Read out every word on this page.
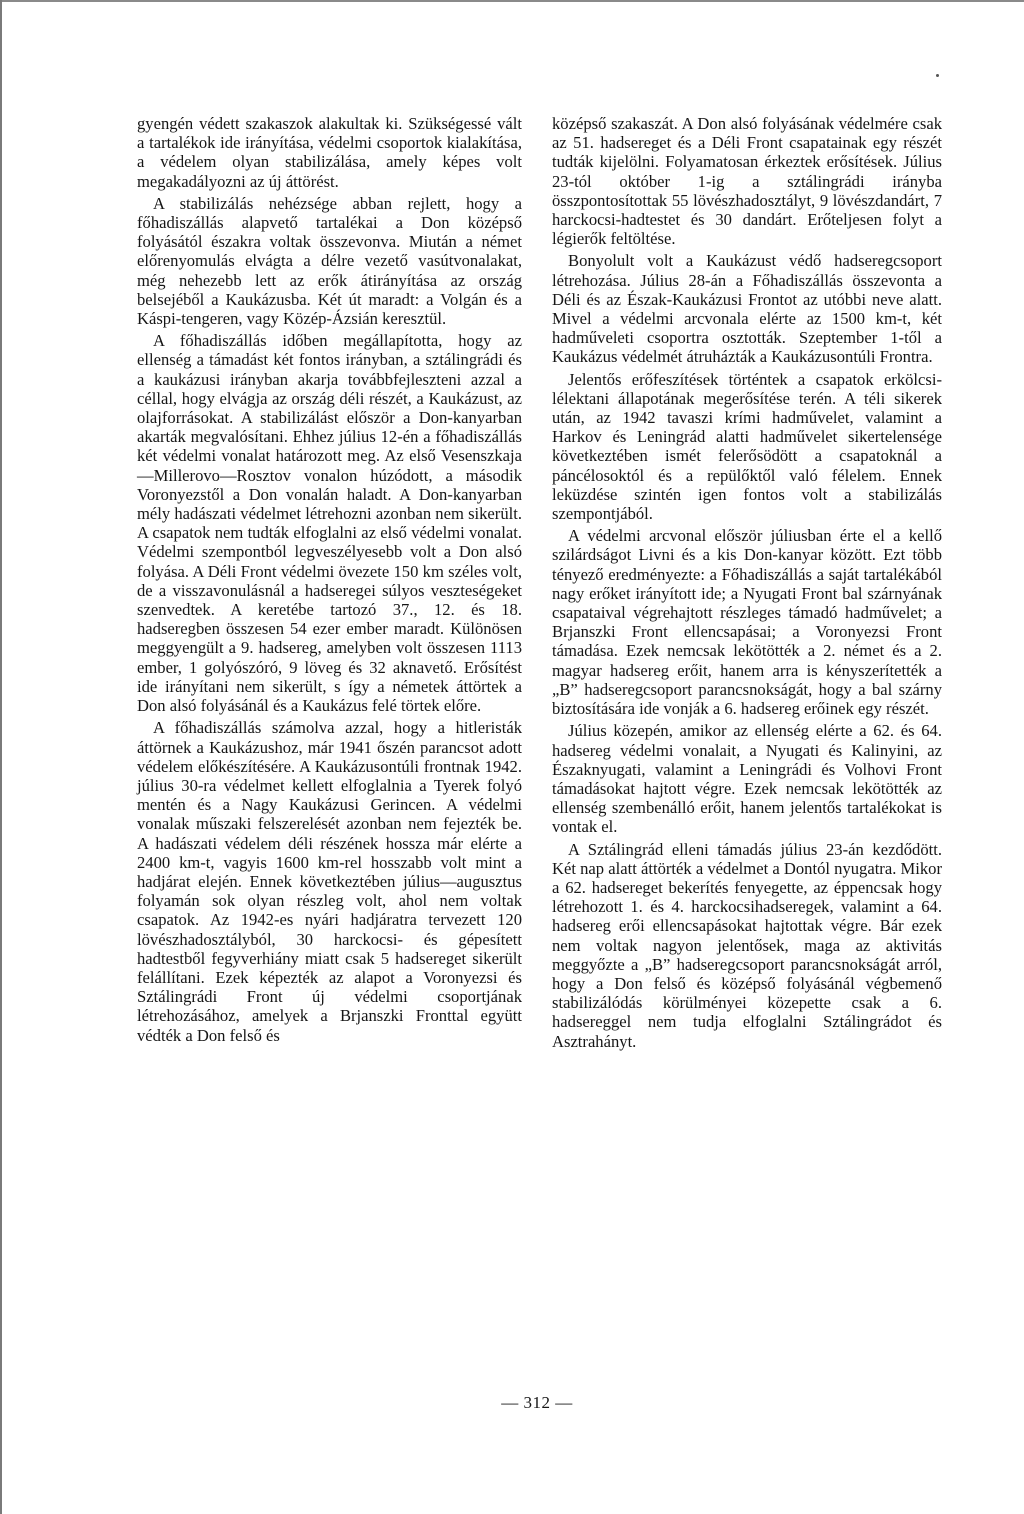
gyengén védett szakaszok alakultak ki. Szükségessé vált a tartalékok ide irányítása, védelmi csoportok kialakítása, a védelem olyan stabilizálása, amely képes volt megakadályozni az új áttörést.

A stabilizálás nehézsége abban rejlett, hogy a főhadiszállás alapvető tartalékai a Don középső folyásától északra voltak összevonva. Miután a német előrenyomulás elvágta a délre vezető vasútvonalakat, még nehezebb lett az erők átirányítása az ország belsejéből a Kaukázusba. Két út maradt: a Volgán és a Káspi-tengeren, vagy Közép-Ázsián keresztül.

A főhadiszállás időben megállapította, hogy az ellenség a támadást két fontos irányban, a sztálingrádi és a kaukázusi irányban akarja továbbfejleszteni azzal a céllal, hogy elvágja az ország déli részét, a Kaukázust, az olajforrásokat. A stabilizálást először a Don-kanyarban akarták megvalósítani. Ehhez július 12-én a főhadiszállás két védelmi vonalat határozott meg. Az első Vesenszkaja—Millerovo—Rosztov vonalon húzódott, a második Voronyezstől a Don vonalán haladt. A Don-kanyarban mély hadászati védelmet létrehozni azonban nem sikerült. A csapatok nem tudták elfoglalni az első védelmi vonalat. Védelmi szempontból legveszélyesebb volt a Don alsó folyása. A Déli Front védelmi övezete 150 km széles volt, de a visszavonulásnál a hadseregei súlyos veszteségeket szenvedtek. A keretébe tartozó 37., 12. és 18. hadseregben összesen 54 ezer ember maradt. Különösen meggyengült a 9. hadsereg, amelyben volt összesen 1113 ember, 1 golyószóró, 9 löveg és 32 aknavető. Erősítést ide irányítani nem sikerült, s így a németek áttörtek a Don alsó folyásánál és a Kaukázus felé törtek előre.

A főhadiszállás számolva azzal, hogy a hitleristák áttörnek a Kaukázushoz, már 1941 őszén parancsot adott védelem előkészítésére. A Kaukázusontúli frontnak 1942. július 30-ra védelmet kellett elfoglalnia a Tyerek folyó mentén és a Nagy Kaukázusi Gerincen. A védelmi vonalak műszaki felszerelését azonban nem fejezték be. A hadászati védelem déli részének hossza már elérte a 2400 km-t, vagyis 1600 km-rel hosszabb volt mint a hadjárat elején. Ennek következtében július—augusztus folyamán sok olyan részleg volt, ahol nem voltak csapatok. Az 1942-es nyári hadjáratra tervezett 120 lövészhadosztályból, 30 harckocsi- és gépesített hadtestből fegyverhiány miatt csak 5 hadsereget sikerült felállítani. Ezek képezték az alapot a Voronyezsi és Sztálingrádi Front új védelmi csoportjának létrehozásához, amelyek a Brjanszki Fronttal együtt védték a Don felső és

középső szakaszát. A Don alsó folyásának védelmére csak az 51. hadsereget és a Déli Front csapatainak egy részét tudták kijelölni. Folyamatosan érkeztek erősítések. Július 23-tól október 1-ig a sztálingrádi irányba összpontosítottak 55 lövészhadosztályt, 9 lövészdandárt, 7 harckocsi-hadtestet és 30 dandárt. Erőteljesen folyt a légierők feltöltése.

Bonyolult volt a Kaukázust védő hadseregcsoport létrehozása. Július 28-án a Főhadiszállás összevonta a Déli és az Észak-Kaukázusi Frontot az utóbbi neve alatt. Mivel a védelmi arcvonala elérte az 1500 km-t, két hadműveleti csoportra osztották. Szeptember 1-től a Kaukázus védelmét átruházták a Kaukázusontúli Frontra.

Jelentős erőfeszítések történtek a csapatok erkölcsi-lélektani állapotának megerősítése terén. A téli sikerek után, az 1942 tavaszi krími hadművelet, valamint a Harkov és Leningrád alatti hadművelet sikertelensége következtében ismét felerősödött a csapatoknál a páncélosoktól és a repülőktől való félelem. Ennek leküzdése szintén igen fontos volt a stabilizálás szempontjából.

A védelmi arcvonal először júliusban érte el a kellő szilárdságot Livni és a kis Don-kanyar között. Ezt több tényező eredményezte: a Főhadiszállás a saját tartalékából nagy erőket irányított ide; a Nyugati Front bal szárnyának csapataival végrehajtott részleges támadó hadművelet; a Brjanszki Front ellencsapásai; a Voronyezsi Front támadása. Ezek nemcsak lekötötték a 2. német és a 2. magyar hadsereg erőit, hanem arra is kényszerítették a „B” hadseregcsoport parancsnokságát, hogy a bal szárny biztosítására ide vonják a 6. hadsereg erőinek egy részét.

Július közepén, amikor az ellenség elérte a 62. és 64. hadsereg védelmi vonalait, a Nyugati és Kalinyini, az Északnyugati, valamint a Leningrádi és Volhovi Front támadásokat hajtott végre. Ezek nemcsak lekötötték az ellenség szembenálló erőit, hanem jelentős tartalékokat is vontak el.

A Sztálingrád elleni támadás július 23-án kezdődött. Két nap alatt áttörték a védelmet a Dontól nyugatra. Mikor a 62. hadsereget bekerítés fenyegette, az éppencsak hogy létrehozott 1. és 4. harckocsihadseregek, valamint a 64. hadsereg erői ellencsapásokat hajtottak végre. Bár ezek nem voltak nagyon jelentősek, maga az aktivitás meggyőzte a „B” hadseregcsoport parancsnokságát arról, hogy a Don felső és középső folyásánál végbemenő stabilizálódás körülményei közepette csak a 6. hadsereggel nem tudja elfoglalni Sztálingrádot és Asztrahányt.

— 312 —
